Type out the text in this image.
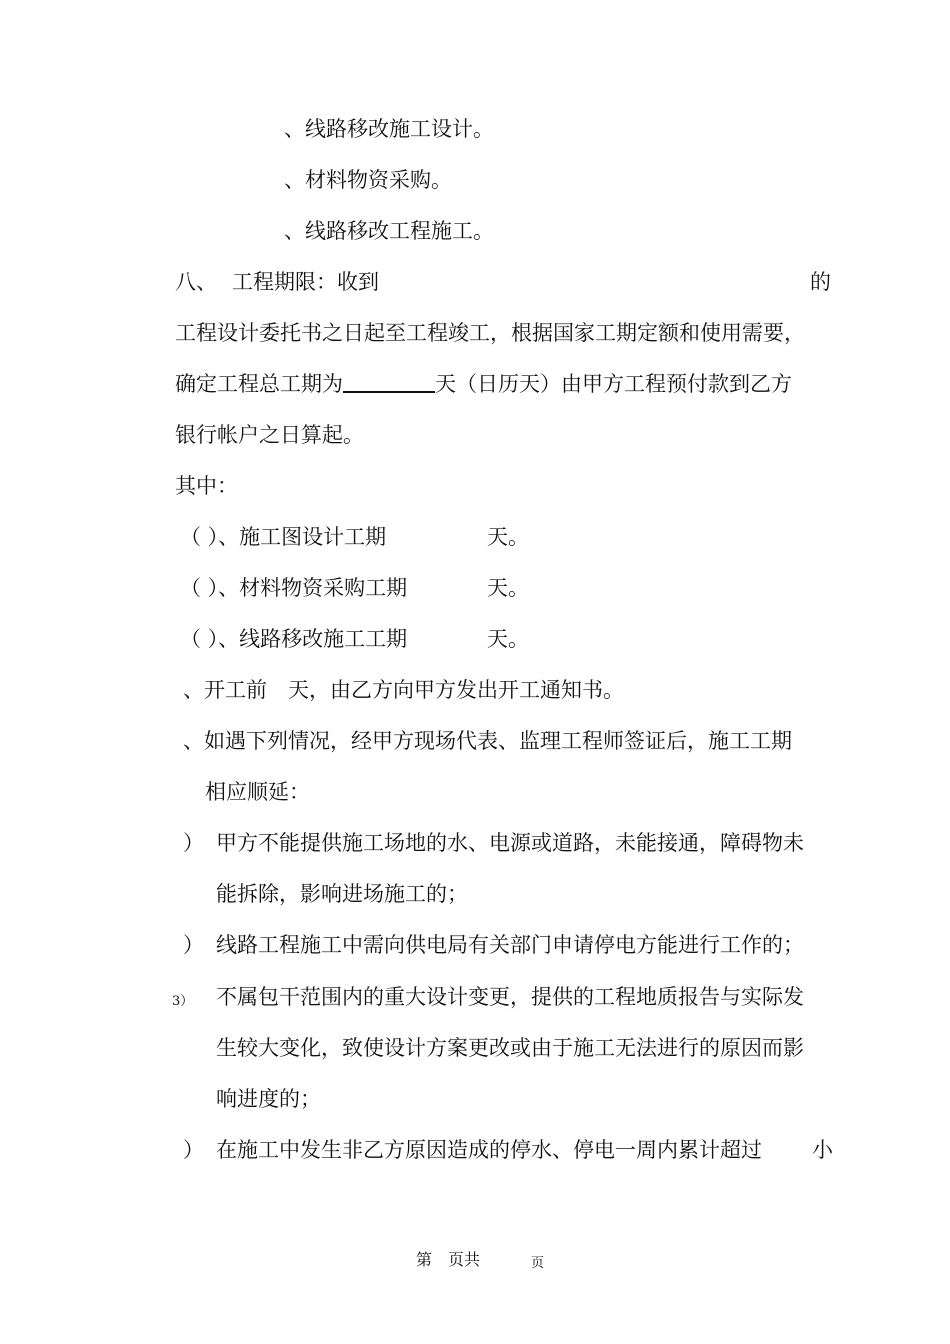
、线路移改施工设计。
、材料物资采购。
、线路移改工程施工。
八、 工程期限：收到	的
工程设计委托书之日起至工程竣工，根据国家工期定额和使用需要，
确定工程总工期为	天（日历天）由甲方工程预付款到乙方
银行帐户之日算起。
其中：
（ ）、施工图设计工期	天。
（ ）、材料物资采购工期	天。
（ ）、线路移改施工工期	天。
、开工前　天，由乙方向甲方发出开工通知书。
、如遇下列情况，经甲方现场代表、监理工程师签证后，施工工期
相应顺延：
） 甲方不能提供施工场地的水、电源或道路，未能接通，障碍物未
能拆除，影响进场施工的；
） 线路工程施工中需向供电局有关部门申请停电方能进行工作的；
3） 不属包干范围内的重大设计变更，提供的工程地质报告与实际发
生较大变化，致使设计方案更改或由于施工无法进行的原因而影
响进度的；
） 在施工中发生非乙方原因造成的停水、停电一周内累计超过 小
第　页共	页
